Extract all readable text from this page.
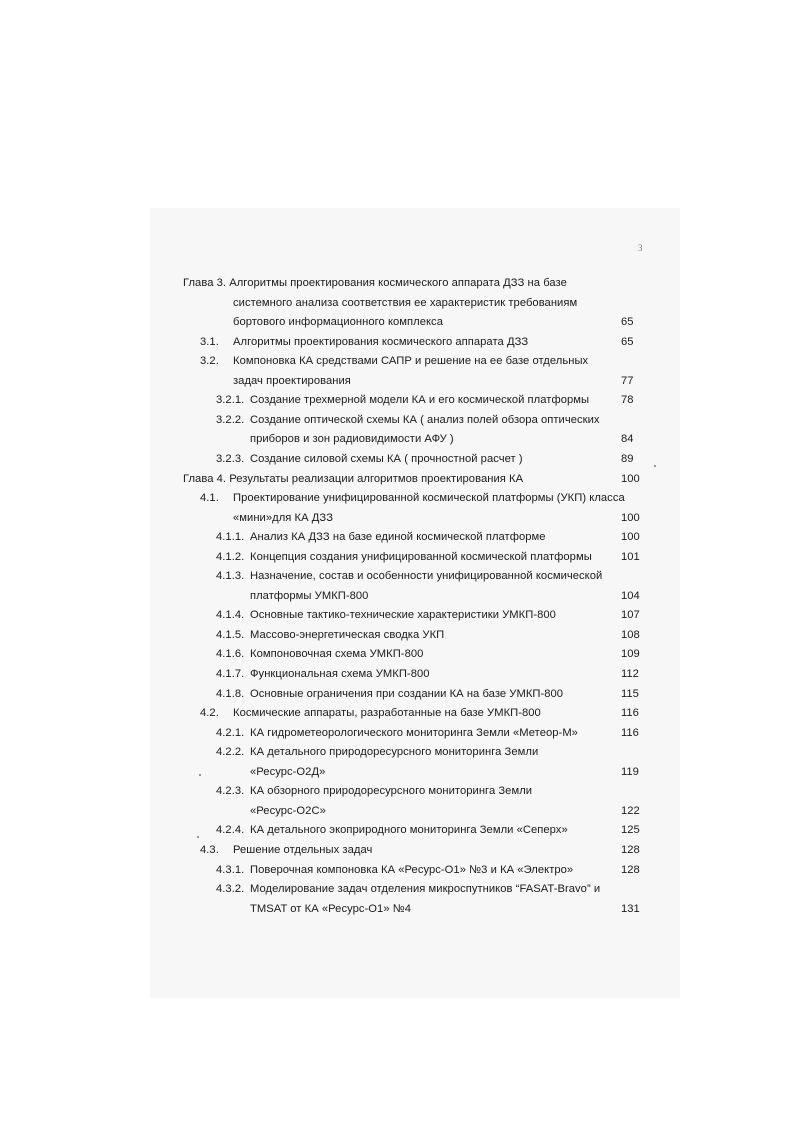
3
Глава 3. Алгоритмы проектирования космического аппарата ДЗЗ на базе
системного анализа соответствия ее характеристик требованиям
бортового информационного комплекса	65
3.1. Алгоритмы проектирования космического аппарата ДЗЗ	65
3.2. Компоновка КА средствами САПР и решение на ее базе отдельных
задач проектирования	77
3.2.1. Создание трехмерной модели КА и его космической платформы	78
3.2.2. Создание оптической схемы КА ( анализ полей обзора оптических
приборов и зон радиовидимости АФУ )	84
3.2.3. Создание силовой схемы КА ( прочностной расчет )	89
Глава 4. Результаты реализации алгоритмов проектирования КА	100
4.1. Проектирование унифицированной космической платформы (УКП) класса
«мини»для КА ДЗЗ	100
4.1.1. Анализ КА ДЗЗ на базе единой космической платформе	100
4.1.2. Концепция создания унифицированной космической платформы	101
4.1.3. Назначение, состав и особенности унифицированной космической
платформы УМКП-800	104
4.1.4. Основные тактико-технические характеристики УМКП-800	107
4.1.5. Массово-энергетическая сводка УКП	108
4.1.6. Компоновочная схема УМКП-800	109
4.1.7. Функциональная схема УМКП-800	112
4.1.8. Основные ограничения при создании КА на базе УМКП-800	115
4.2. Космические аппараты, разработанные на базе УМКП-800	116
4.2.1. КА гидрометеорологического мониторинга Земли «Метеор-М»	116
4.2.2. КА детального природоресурсного мониторинга Земли
«Ресурс-О2Д»	119
4.2.3. КА обзорного природоресурсного мониторинга Земли
«Ресурс-О2С»	122
4.2.4. КА детального экоприродного мониторинга Земли «Сеперх»	125
4.3. Решение отдельных задач	128
4.3.1. Поверочная компоновка КА «Ресурс-О1» №3 и КА «Электро»	128
4.3.2. Моделирование задач отделения микроспутников “FASAT-Bravo” и
TMSAT от КА «Ресурс-О1» №4	131
